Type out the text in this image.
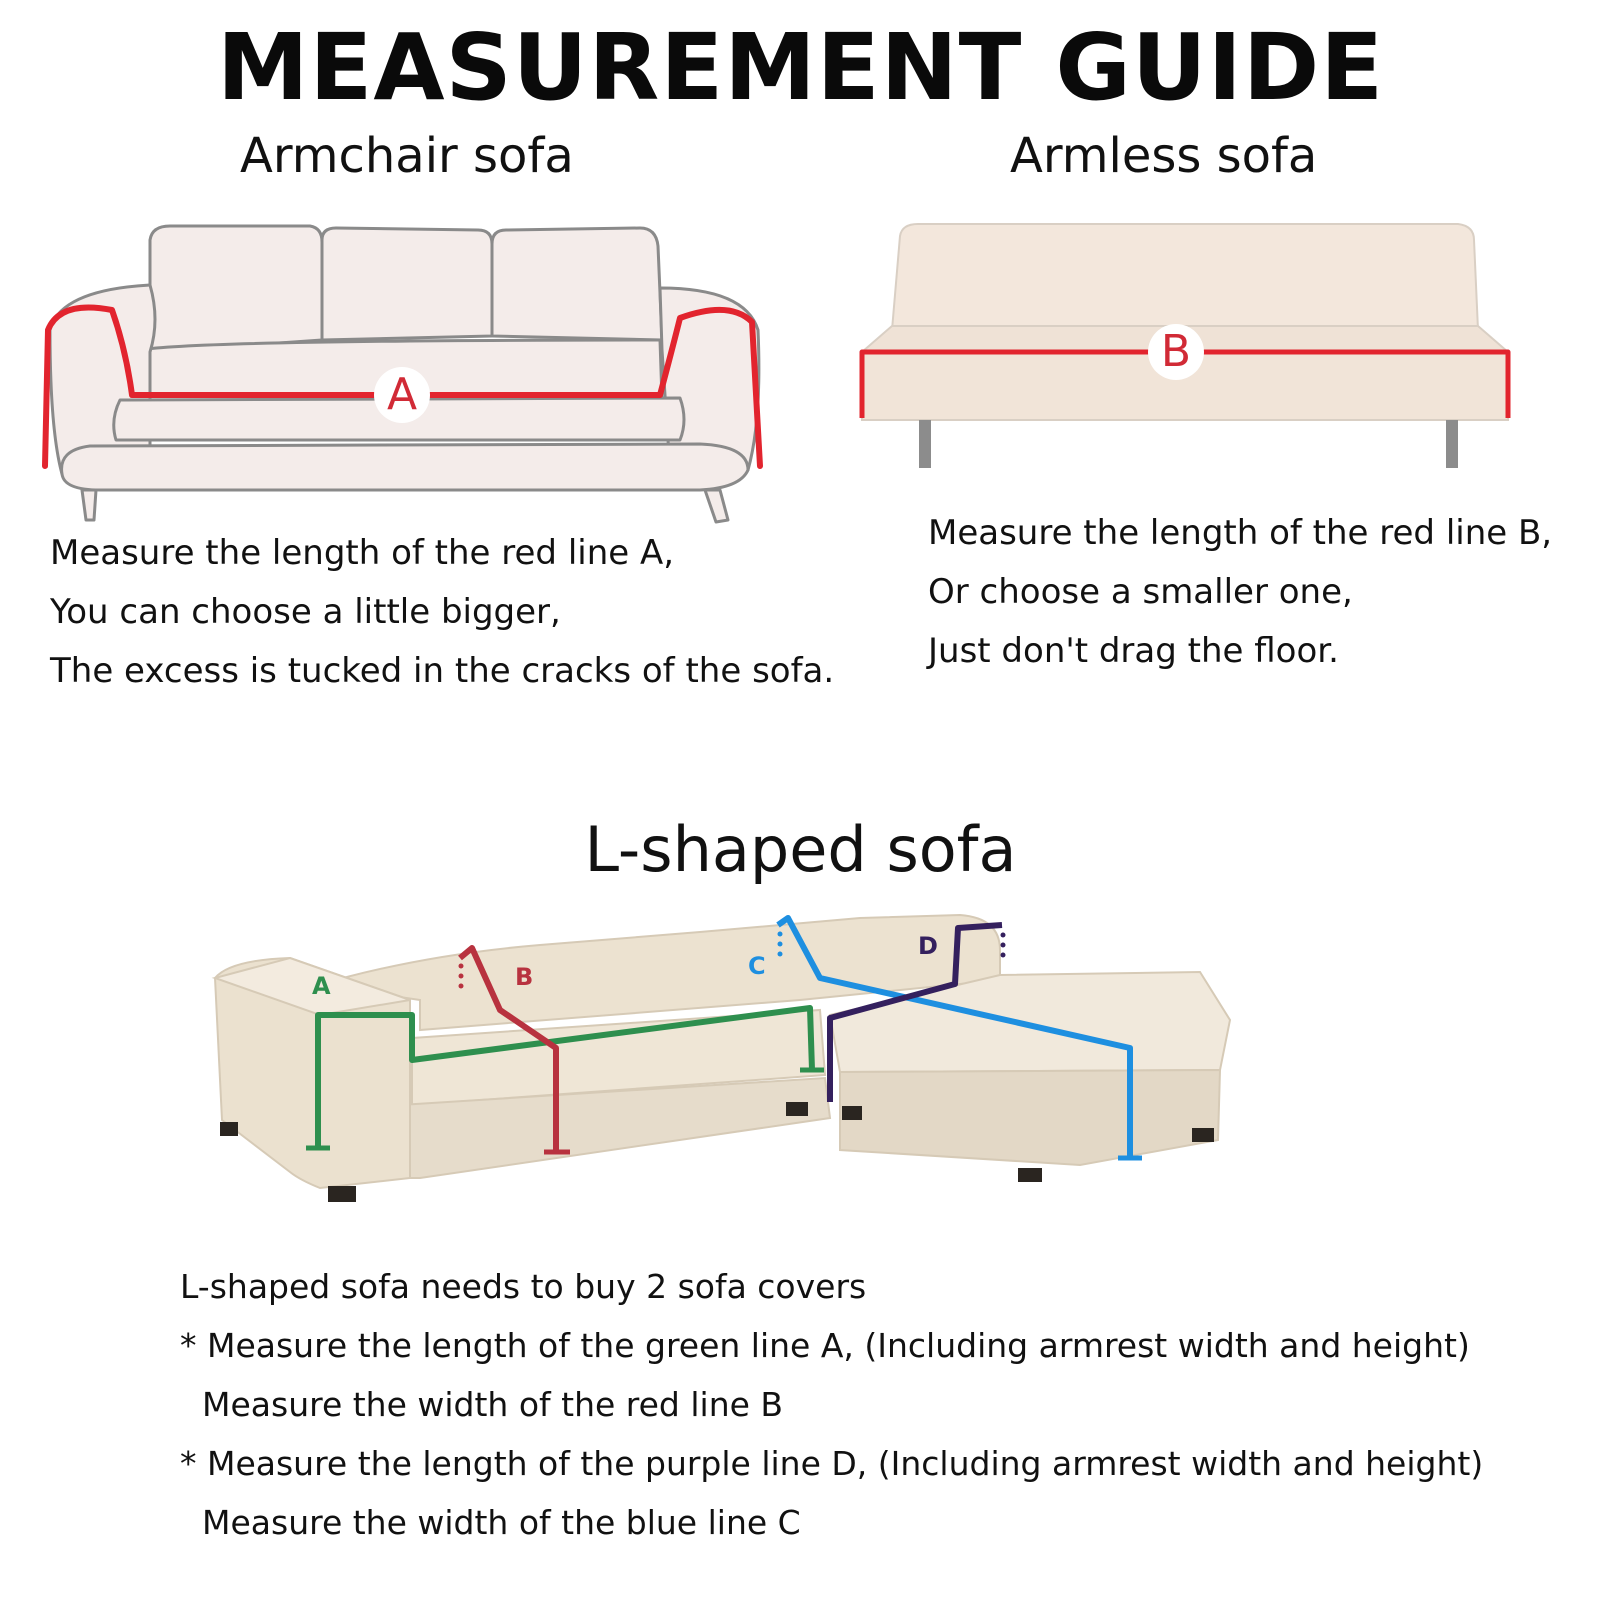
MEASUREMENT GUIDE
Armchair sofa	Armless sofa
A
B
Measure the length of the red line A,
You can choose a little bigger,
The excess is tucked in the cracks of the sofa.
Measure the length of the red line B,
Or choose a smaller one,
Just don't drag the floor.
L-shaped sofa
A	B	C
D
L-shaped sofa needs to buy 2 sofa covers
* Measure the length of the green line A, (Including armrest width and height)
Measure the width of the red line B
* Measure the length of the purple line D, (Including armrest width and height)
Measure the width of the blue line C
